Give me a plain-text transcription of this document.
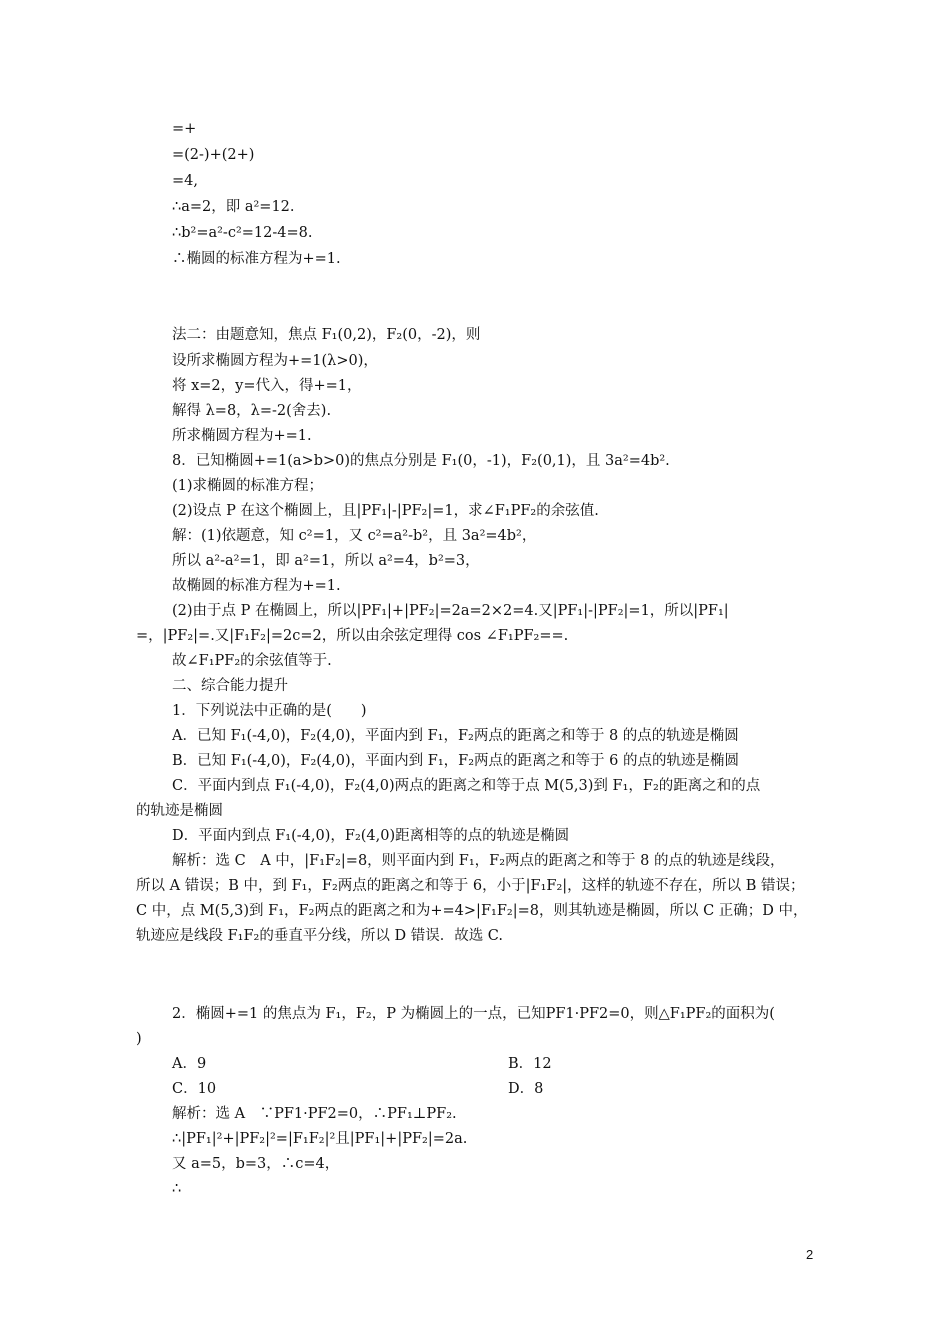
=+
=(2-)+(2+)
=4,
∴a=2，即 a²=12.
∴b²=a²-c²=12-4=8.
∴椭圆的标准方程为+=1.
法二：由题意知，焦点 F₁(0,2)，F₂(0，-2)，则
设所求椭圆方程为+=1(λ>0)，
将 x=2，y=代入，得+=1，
解得 λ=8，λ=-2(舍去).
所求椭圆方程为+=1.
8．已知椭圆+=1(a>b>0)的焦点分别是 F₁(0，-1)，F₂(0,1)，且 3a²=4b².
(1)求椭圆的标准方程；
(2)设点 P 在这个椭圆上，且|PF₁|-|PF₂|=1，求∠F₁PF₂的余弦值.
解：(1)依题意，知 c²=1，又 c²=a²-b²，且 3a²=4b²，
所以 a²-a²=1，即 a²=1，所以 a²=4，b²=3，
故椭圆的标准方程为+=1.
(2)由于点 P 在椭圆上，所以|PF₁|+|PF₂|=2a=2×2=4.又|PF₁|-|PF₂|=1，所以|PF₁|
=，|PF₂|=.又|F₁F₂|=2c=2，所以由余弦定理得 cos ∠F₁PF₂==.
故∠F₁PF₂的余弦值等于.
二、综合能力提升
1．下列说法中正确的是(　　)
A．已知 F₁(-4,0)，F₂(4,0)，平面内到 F₁，F₂两点的距离之和等于 8 的点的轨迹是椭圆
B．已知 F₁(-4,0)，F₂(4,0)，平面内到 F₁，F₂两点的距离之和等于 6 的点的轨迹是椭圆
C．平面内到点 F₁(-4,0)，F₂(4,0)两点的距离之和等于点 M(5,3)到 F₁，F₂的距离之和的点
的轨迹是椭圆
D．平面内到点 F₁(-4,0)，F₂(4,0)距离相等的点的轨迹是椭圆
解析：选 C　A 中，|F₁F₂|=8，则平面内到 F₁，F₂两点的距离之和等于 8 的点的轨迹是线段，
所以 A 错误；B 中，到 F₁，F₂两点的距离之和等于 6，小于|F₁F₂|，这样的轨迹不存在，所以 B 错误；
C 中，点 M(5,3)到 F₁，F₂两点的距离之和为+=4>|F₁F₂|=8，则其轨迹是椭圆，所以 C 正确；D 中，
轨迹应是线段 F₁F₂的垂直平分线，所以 D 错误．故选 C.
2．椭圆+=1 的焦点为 F₁，F₂，P 为椭圆上的一点，已知PF1·PF2=0，则△F₁PF₂的面积为(
)
A．9	B．12
C．10	D．8
解析：选 A　∵PF1·PF2=0，∴PF₁⊥PF₂.
∴|PF₁|²+|PF₂|²=|F₁F₂|²且|PF₁|+|PF₂|=2a.
又 a=5，b=3，∴c=4，
∴
2
